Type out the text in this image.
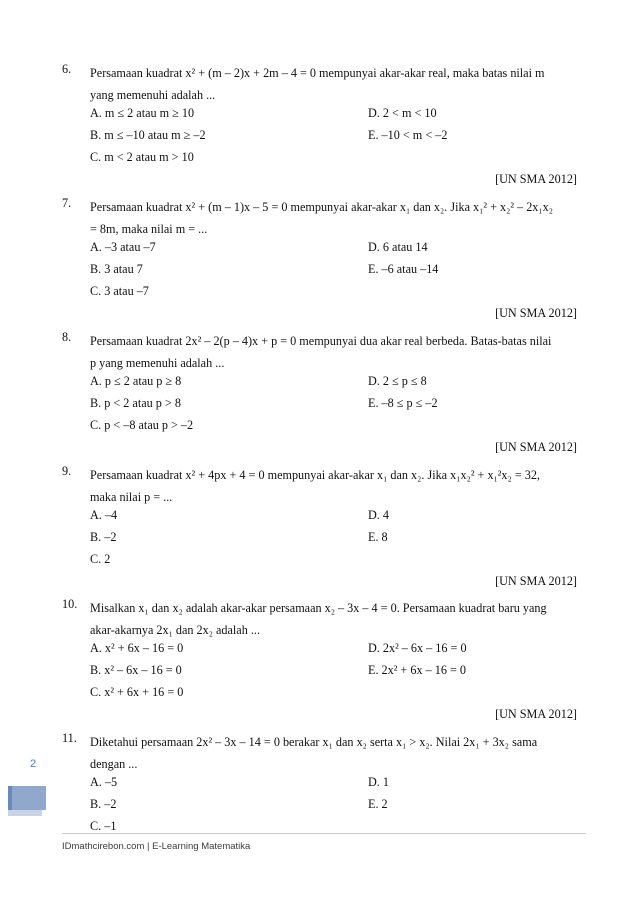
6. Persamaan kuadrat x² + (m – 2)x + 2m – 4 = 0 mempunyai akar-akar real, maka batas nilai m
yang memenuhi adalah ...
A. m ≤ 2 atau m ≥ 10
B. m ≤ –10 atau m ≥ –2
C. m < 2 atau m > 10
D. 2 < m < 10
E. –10 < m < –2
[UN SMA 2012]
7. Persamaan kuadrat x² + (m – 1)x – 5 = 0 mempunyai akar-akar x₁ dan x₂. Jika x₁² + x₂² – 2x₁x₂
= 8m, maka nilai m = ...
A. –3 atau –7
B. 3 atau 7
C. 3 atau –7
D. 6 atau 14
E. –6 atau –14
[UN SMA 2012]
8. Persamaan kuadrat 2x² – 2(p – 4)x + p = 0 mempunyai dua akar real berbeda. Batas-batas nilai
p yang memenuhi adalah ...
A. p ≤ 2 atau p ≥ 8
B. p < 2 atau p > 8
C. p < –8 atau p > –2
D. 2 ≤ p ≤ 8
E. –8 ≤ p ≤ –2
[UN SMA 2012]
9. Persamaan kuadrat x² + 4px + 4 = 0 mempunyai akar-akar x₁ dan x₂. Jika x₁x₂² + x₁²x₂ = 32,
maka nilai p = ...
A. –4
B. –2
C. 2
D. 4
E. 8
[UN SMA 2012]
10. Misalkan x₁ dan x₂ adalah akar-akar persamaan x₂ – 3x – 4 = 0. Persamaan kuadrat baru yang
akar-akarnya 2x₁ dan 2x₂ adalah ...
A. x² + 6x – 16 = 0
B. x² – 6x – 16 = 0
C. x² + 6x + 16 = 0
D. 2x² – 6x – 16 = 0
E. 2x² + 6x – 16 = 0
[UN SMA 2012]
11. Diketahui persamaan 2x² – 3x – 14 = 0 berakar x₁ dan x₂ serta x₁ > x₂. Nilai 2x₁ + 3x₂ sama
dengan ...
A. –5
B. –2
C. –1
D. 1
E. 2
2
IDmathcirebon.com | E-Learning Matematika
